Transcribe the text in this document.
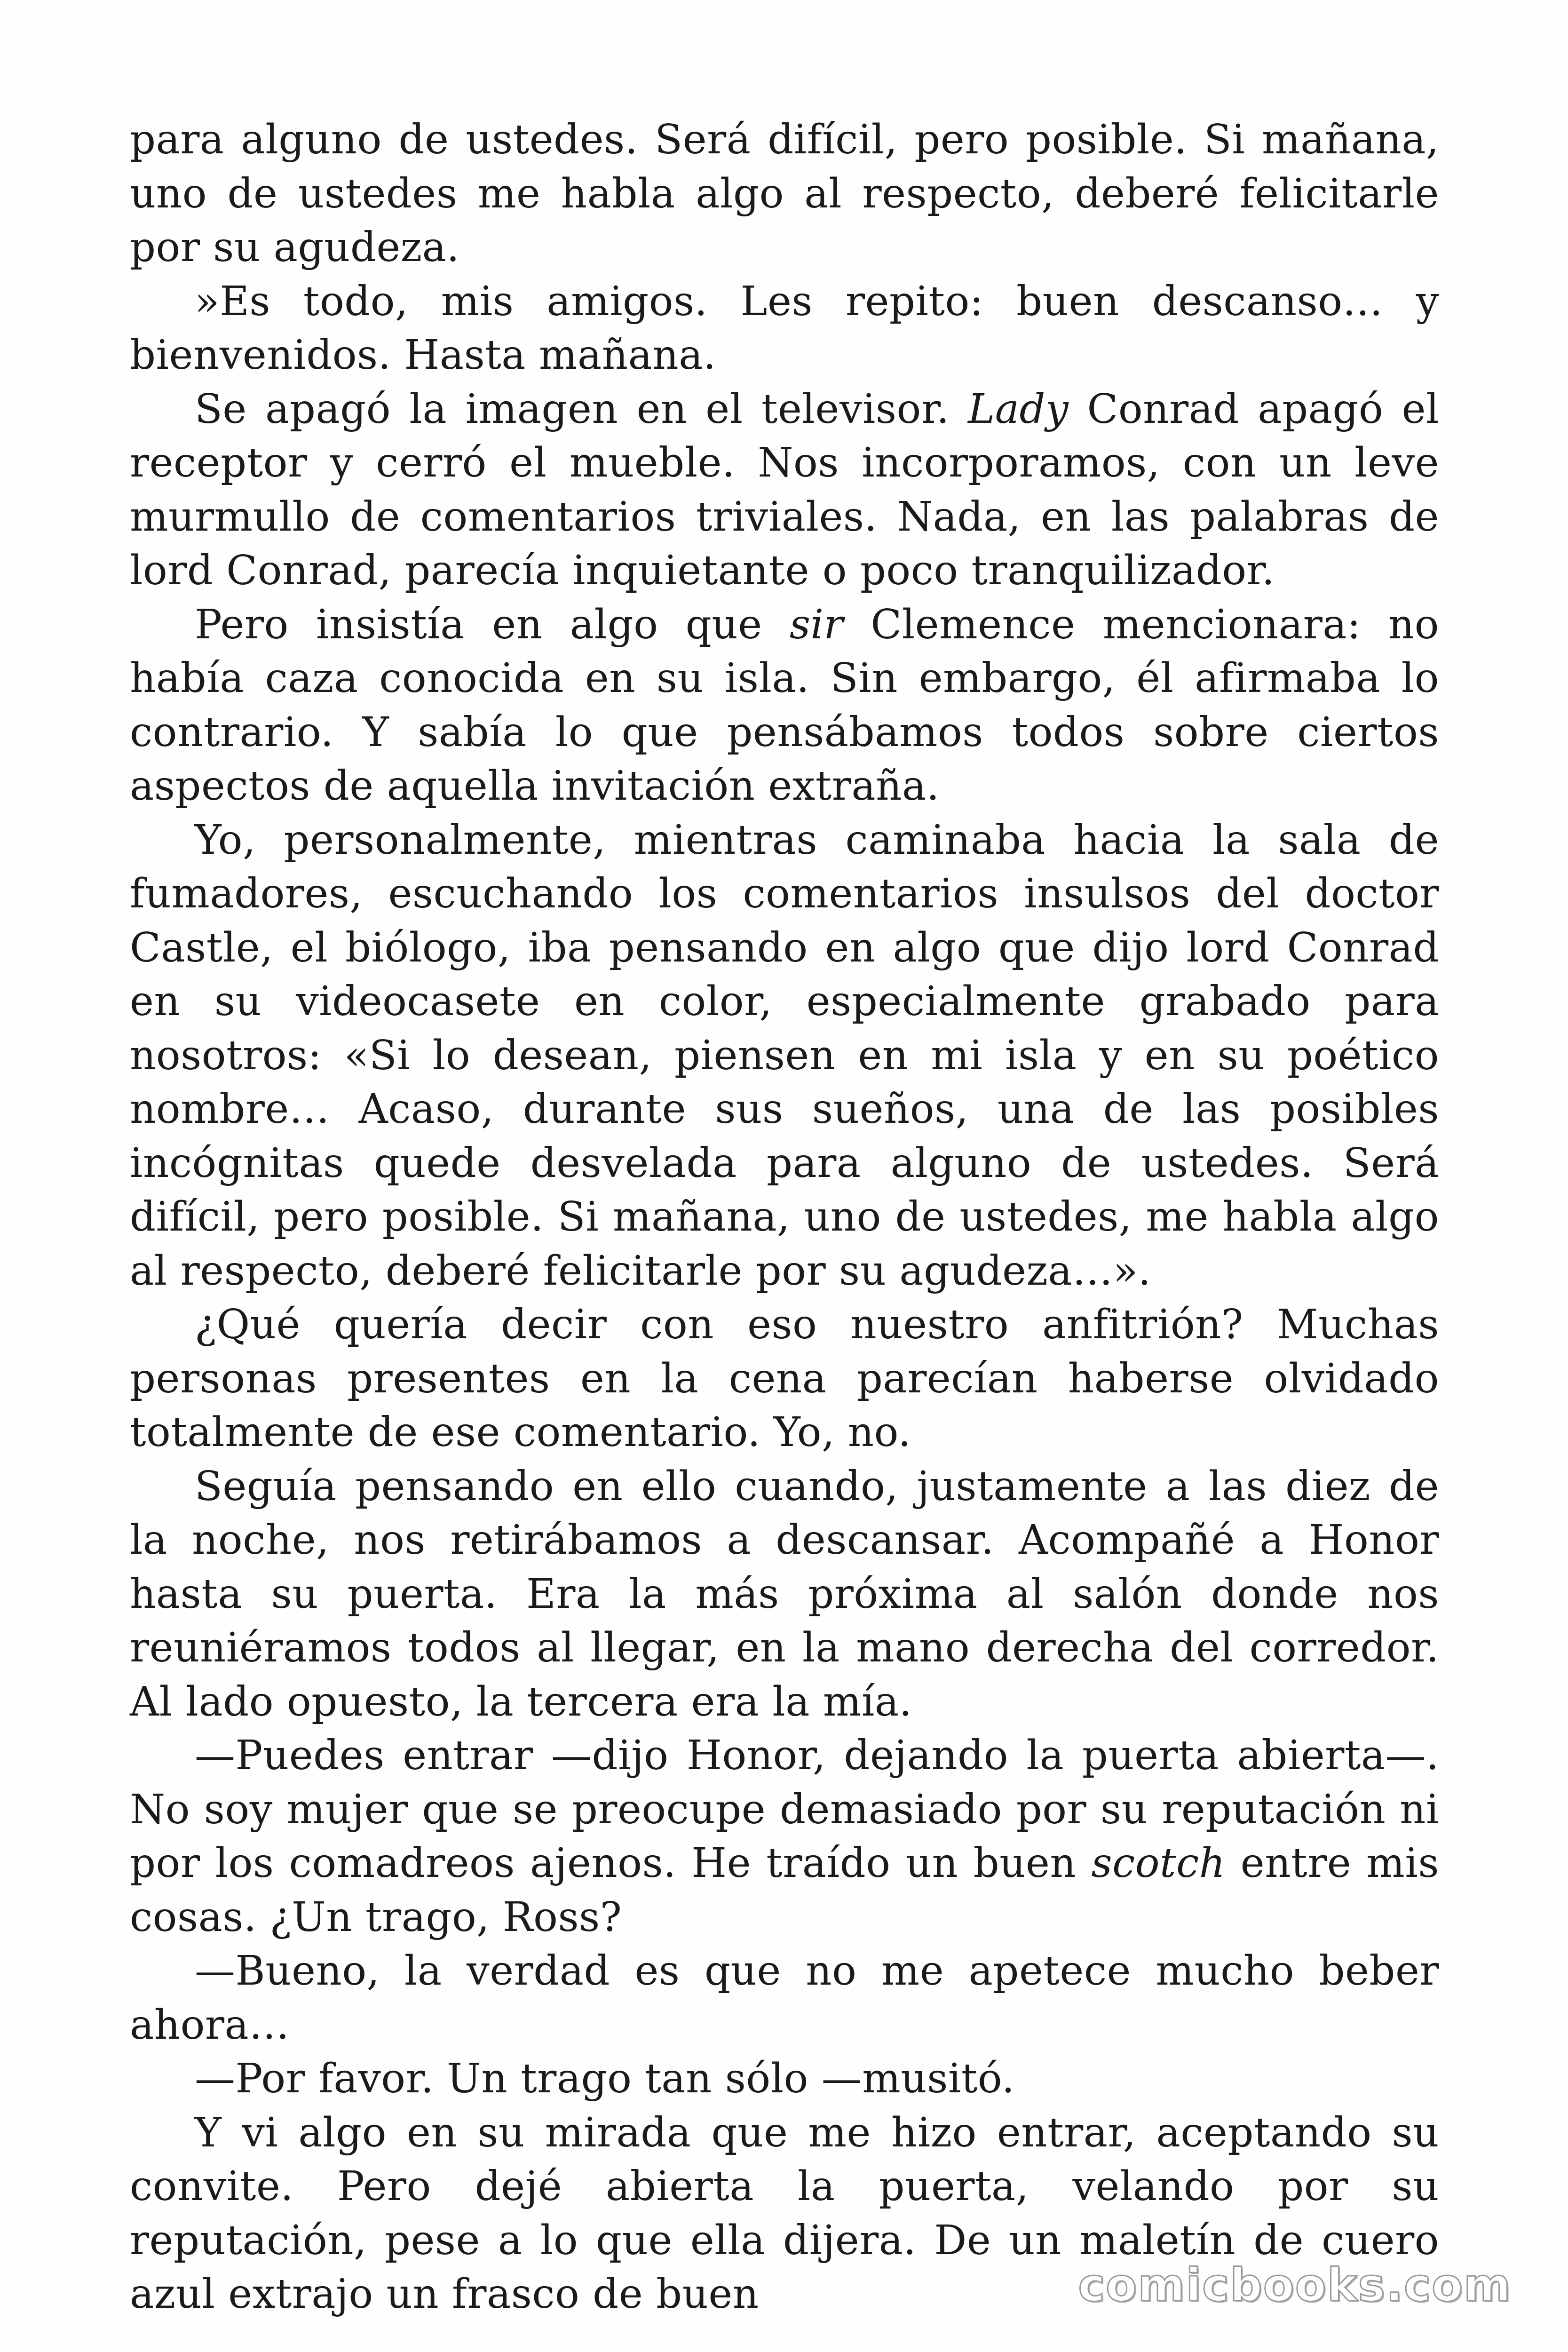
para alguno de ustedes. Será difícil, pero posible. Si mañana, uno de ustedes me habla algo al respecto, deberé felicitarle por su agudeza.

»Es todo, mis amigos. Les repito: buen descanso… y bienvenidos. Hasta mañana.

Se apagó la imagen en el televisor. Lady Conrad apagó el receptor y cerró el mueble. Nos incorporamos, con un leve murmullo de comentarios triviales. Nada, en las palabras de lord Conrad, parecía inquietante o poco tranquilizador.

Pero insistía en algo que sir Clemence mencionara: no había caza conocida en su isla. Sin embargo, él afirmaba lo contrario. Y sabía lo que pensábamos todos sobre ciertos aspectos de aquella invitación extraña.

Yo, personalmente, mientras caminaba hacia la sala de fumadores, escuchando los comentarios insulsos del doctor Castle, el biólogo, iba pensando en algo que dijo lord Conrad en su videocasete en color, especialmente grabado para nosotros: «Si lo desean, piensen en mi isla y en su poético nombre… Acaso, durante sus sueños, una de las posibles incógnitas quede desvelada para alguno de ustedes. Será difícil, pero posible. Si mañana, uno de ustedes, me habla algo al respecto, deberé felicitarle por su agudeza…».

¿Qué quería decir con eso nuestro anfitrión? Muchas personas presentes en la cena parecían haberse olvidado totalmente de ese comentario. Yo, no.

Seguía pensando en ello cuando, justamente a las diez de la noche, nos retirábamos a descansar. Acompañé a Honor hasta su puerta. Era la más próxima al salón donde nos reuniéramos todos al llegar, en la mano derecha del corredor. Al lado opuesto, la tercera era la mía.

—Puedes entrar —dijo Honor, dejando la puerta abierta—. No soy mujer que se preocupe demasiado por su reputación ni por los comadreos ajenos. He traído un buen scotch entre mis cosas. ¿Un trago, Ross?

—Bueno, la verdad es que no me apetece mucho beber ahora…

—Por favor. Un trago tan sólo —musitó.

Y vi algo en su mirada que me hizo entrar, aceptando su convite. Pero dejé abierta la puerta, velando por su reputación, pese a lo que ella dijera. De un maletín de cuero azul extrajo un frasco de buen	comicbooks.com
